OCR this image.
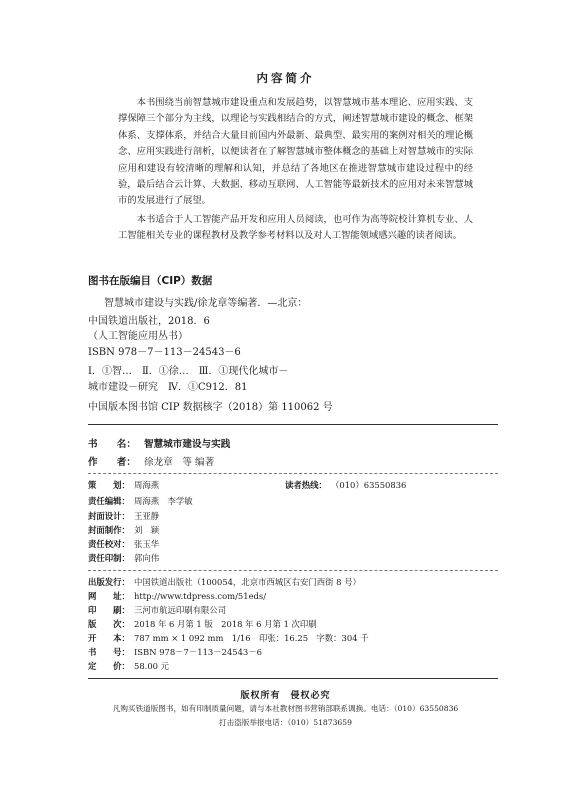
内容简介

本书围绕当前智慧城市建设重点和发展趋势，以智慧城市基本理论、应用实践、支撑保障三个部分为主线，以理论与实践相结合的方式，阐述智慧城市建设的概念、框架体系、支撑体系，并结合大量目前国内外最新、最典型、最实用的案例对相关的理论概念、应用实践进行剖析，以便读者在了解智慧城市整体概念的基础上对智慧城市的实际应用和建设有较清晰的理解和认知，并总结了各地区在推进智慧城市建设过程中的经验，最后结合云计算、大数据、移动互联网、人工智能等最新技术的应用对未来智慧城市的发展进行了展望。

本书适合于人工智能产品开发和应用人员阅读，也可作为高等院校计算机专业、人工智能相关专业的课程教材及教学参考材料以及对人工智能领域感兴趣的读者阅读。

图书在版编目（CIP）数据
智慧城市建设与实践/徐龙章等编著．—北京：
中国铁道出版社，2018．6
（人工智能应用丛书）
ISBN 978－7－113－24543－6
Ⅰ．①智…　Ⅱ．①徐…　Ⅲ．①现代化城市－
城市建设－研究　Ⅳ．①C912．81
中国版本图书馆 CIP 数据核字（2018）第 110062 号
书　　名： 智慧城市建设与实践
作　　者： 徐龙章　等 编著
策　　划： 周海燕	读者热线： （010）63550836
责任编辑： 周海燕　李学敏
封面设计： 王亚静
封面制作： 刘　颖
责任校对： 张玉华
责任印制： 郭向伟
出版发行： 中国铁道出版社（100054，北京市西城区右安门西街 8 号）
网　　址： http://www.tdpress.com/51eds/
印　　刷： 三河市航远印刷有限公司
版　　次： 2018 年 6 月第 1 版　2018 年 6 月第 1 次印刷
开　　本： 787 mm × 1 092 mm　1/16　印张：16.25　字数：304 千
书　　号： ISBN 978－7－113－24543－6
定　　价： 58.00 元
版权所有　侵权必究
凡购买铁道版图书，如有印制质量问题，请与本社教材图书营销部联系调换。电话：（010）63550836
打击盗版举报电话：（010）51873659
